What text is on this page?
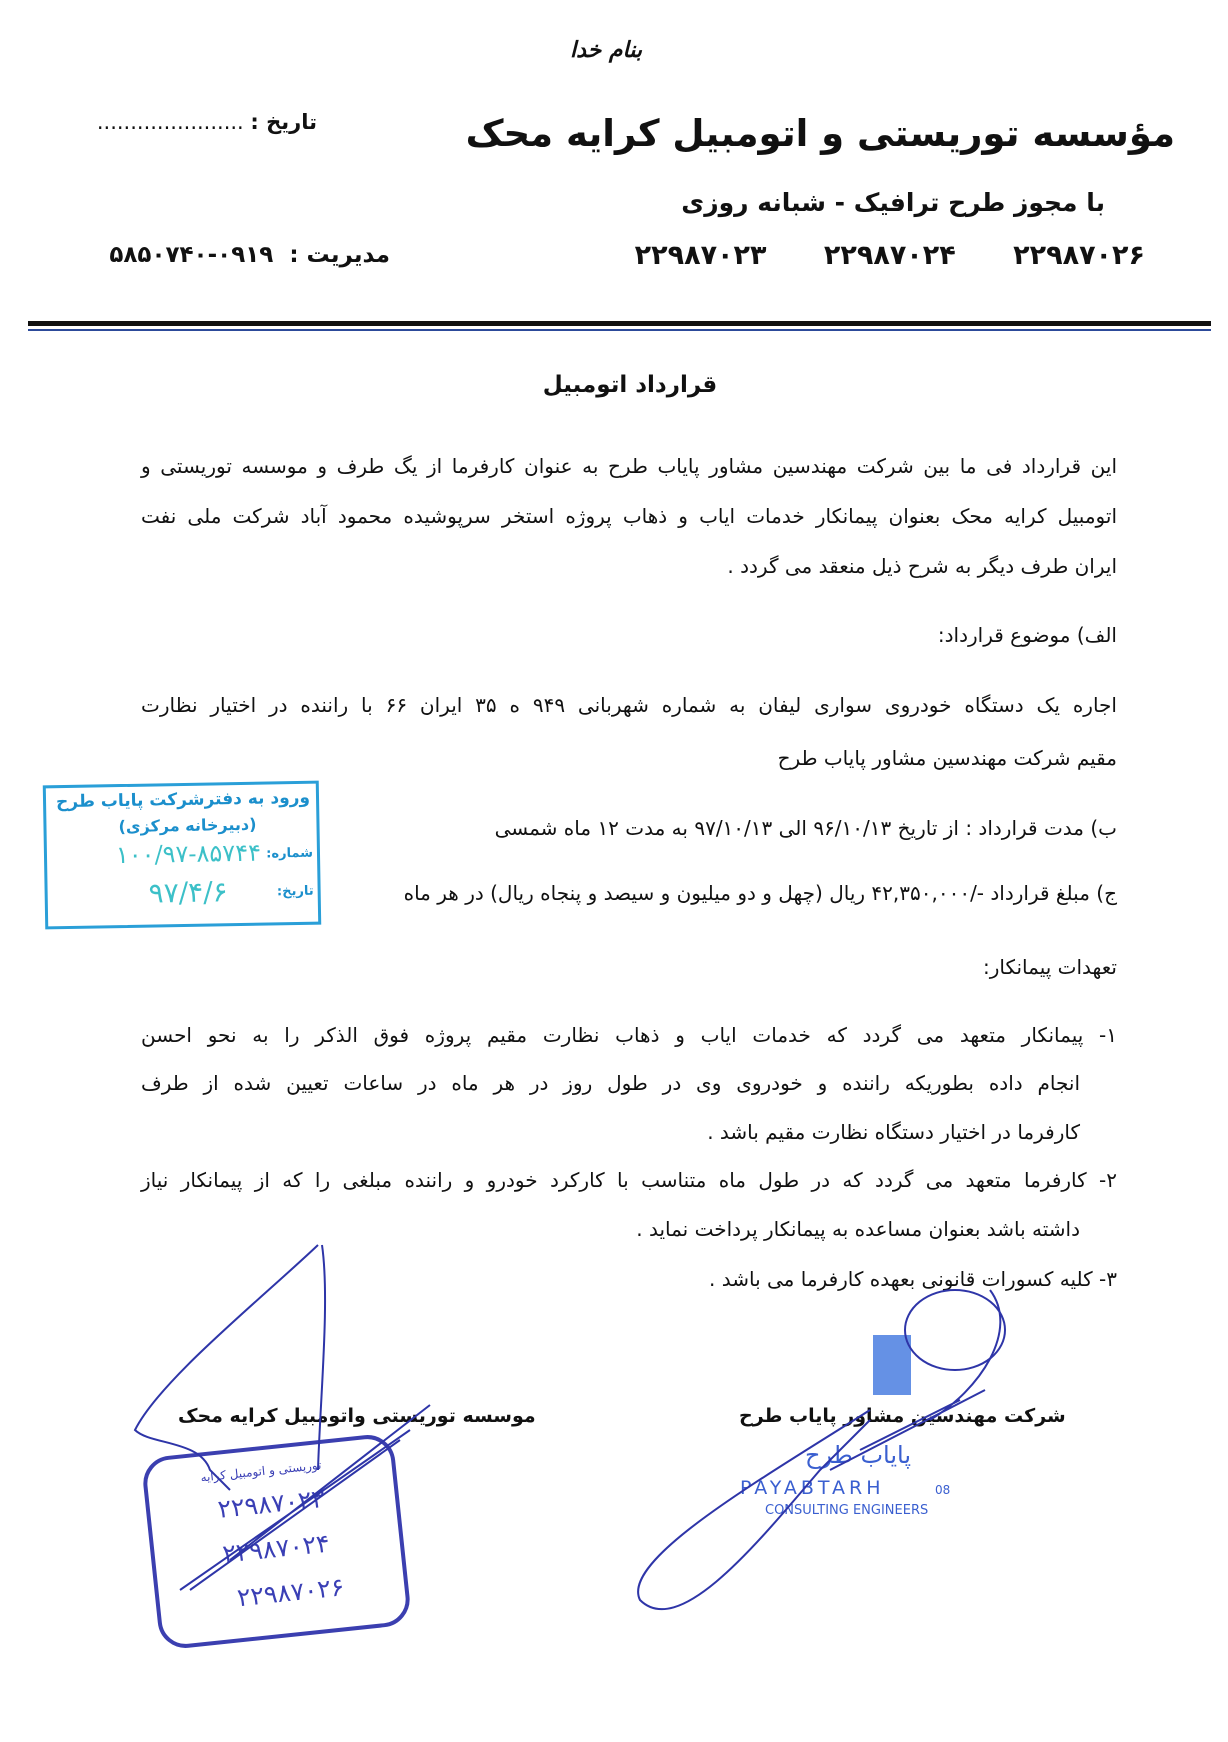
بنام خدا
مؤسسه توریستی و اتومبیل کرایه محک
با مجوز طرح ترافیک - شبانه روزی
۲۲۹۸۷۰۲۶ ۲۲۹۸۷۰۲۴ ۲۲۹۸۷۰۲۳
تاریخ : ......................
مدیریت : ۰۹۱۹-۵۸۵۰۷۴۰
قرارداد اتومبیل
این قرارداد فی ما بین شرکت مهندسین مشاور پایاب طرح به عنوان کارفرما از یگ طرف و موسسه توریستی و
اتومبیل کرایه محک بعنوان پیمانکار خدمات ایاب و ذهاب پروژه استخر سرپوشیده محمود آباد شرکت ملی نفت
ایران طرف دیگر به شرح ذیل منعقد می گردد .
الف) موضوع قرارداد:
اجاره یک دستگاه خودروی سواری لیفان به شماره شهربانی ۹۴۹ ه ۳۵ ایران ۶۶ با راننده در اختیار نظارت
مقیم شرکت مهندسین مشاور پایاب طرح
ب) مدت قرارداد : از تاریخ ۹۶/۱۰/۱۳ الی ۹۷/۱۰/۱۳ به مدت ۱۲ ماه شمسی
ج) مبلغ قرارداد -/۴۲,۳۵۰,۰۰۰ ریال (چهل و دو میلیون و سیصد و پنجاه ریال) در هر ماه
تعهدات پیمانکار:
۱- پیمانکار متعهد می گردد که خدمات ایاب و ذهاب نظارت مقیم پروژه فوق الذکر را به نحو احسن
انجام داده بطوریکه راننده و خودروی وی در طول روز در هر ماه در ساعات تعیین شده از طرف
کارفرما در اختیار دستگاه نظارت مقیم باشد .
۲- کارفرما متعهد می گردد که در طول ماه متناسب با کارکرد خودرو و راننده مبلغی را که از پیمانکار نیاز
داشته باشد بعنوان مساعده به پیمانکار پرداخت نماید .
۳- کلیه کسورات قانونی بعهده کارفرما می باشد .
ورود به دفترشرکت پایاب طرح
(دبیرخانه مرکزی)
شماره:
۱۰۰/۹۷-۸۵۷۴۴
تاریخ:
۹۷/۴/۶
توریستی و اتومبیل کرایه
۲۲۹۸۷۰۲۳
۲۲۹۸۷۰۲۴
۲۲۹۸۷۰۲۶
پایاب طرح
PAYABTARH	08
CONSULTING ENGINEERS
موسسه توریستی واتومبیل کرایه محک	شرکت مهندسین مشاور پایاب طرح
